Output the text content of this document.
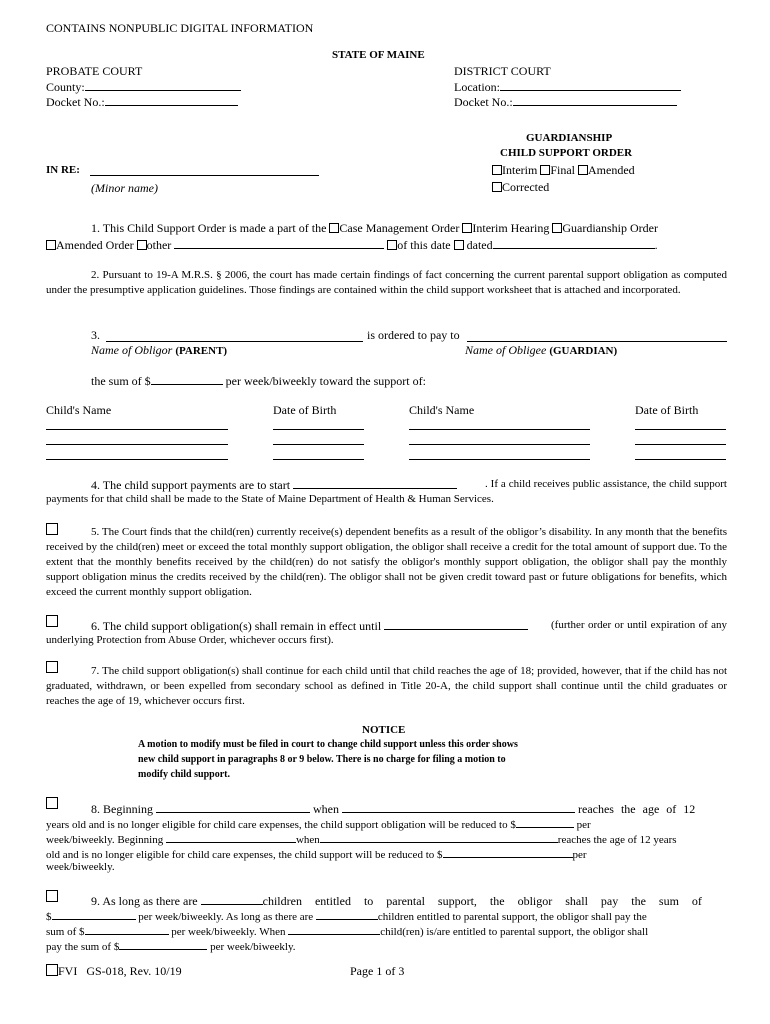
CONTAINS NONPUBLIC DIGITAL INFORMATION
STATE OF MAINE
PROBATE COURT
County:
Docket No.:
DISTRICT COURT
Location:
Docket No.:
GUARDIANSHIP
CHILD SUPPORT ORDER
Interim Final Amended
Corrected
IN RE:
(Minor name)
1. This Child Support Order is made a part of the Case Management Order Interim Hearing Guardianship Order
Amended Order other	of this date dated	.
2. Pursuant to 19-A M.R.S. § 2006, the court has made certain findings of fact concerning the current parental support obligation as computed under the presumptive application guidelines. Those findings are contained within the child support worksheet that is attached and incorporated.
3.	is ordered to pay to
Name of Obligor (PARENT)	Name of Obligee (GUARDIAN)
the sum of $	per week/biweekly toward the support of:
Child's Name	Date of Birth	Child's Name	Date of Birth
4. The child support payments are to start	. If a child receives public assistance, the child support payments for that child shall be made to the State of Maine Department of Health & Human Services.
5. The Court finds that the child(ren) currently receive(s) dependent benefits as a result of the obligor’s disability. In any month that the benefits received by the child(ren) meet or exceed the total monthly support obligation, the obligor shall receive a credit for the total amount of support due. To the extent that the monthly benefits received by the child(ren) do not satisfy the obligor's monthly support obligation, the obligor shall pay the monthly support obligation minus the credits received by the child(ren). The obligor shall not be given credit toward past or future obligations for benefits, which exceed the current monthly support obligation.
6. The child support obligation(s) shall remain in effect until	(further order or until expiration of any underlying Protection from Abuse Order, whichever occurs first).
7. The child support obligation(s) shall continue for each child until that child reaches the age of 18; provided, however, that if the child has not graduated, withdrawn, or been expelled from secondary school as defined in Title 20-A, the child support shall continue until the child graduates or reaches the age of 19, whichever occurs first.
NOTICE
A motion to modify must be filed in court to change child support unless this order shows
new child support in paragraphs 8 or 9 below. There is no charge for filing a motion to
modify child support.
8. Beginning	when	reaches the age of 12
years old and is no longer eligible for child care expenses, the child support obligation will be reduced to $	per
week/biweekly. Beginning	when	reaches the age of 12 years
old and is no longer eligible for child care expenses, the child support will be reduced to $	per
week/biweekly.
9. As long as there are	children entitled to parental support, the obligor shall pay the sum of
$	per week/biweekly. As long as there are	children entitled to parental support, the obligor shall pay the
sum of $	per week/biweekly. When	child(ren) is/are entitled to parental support, the obligor shall
pay the sum of $	per week/biweekly.
FVI GS-018, Rev. 10/19	Page 1 of 3
